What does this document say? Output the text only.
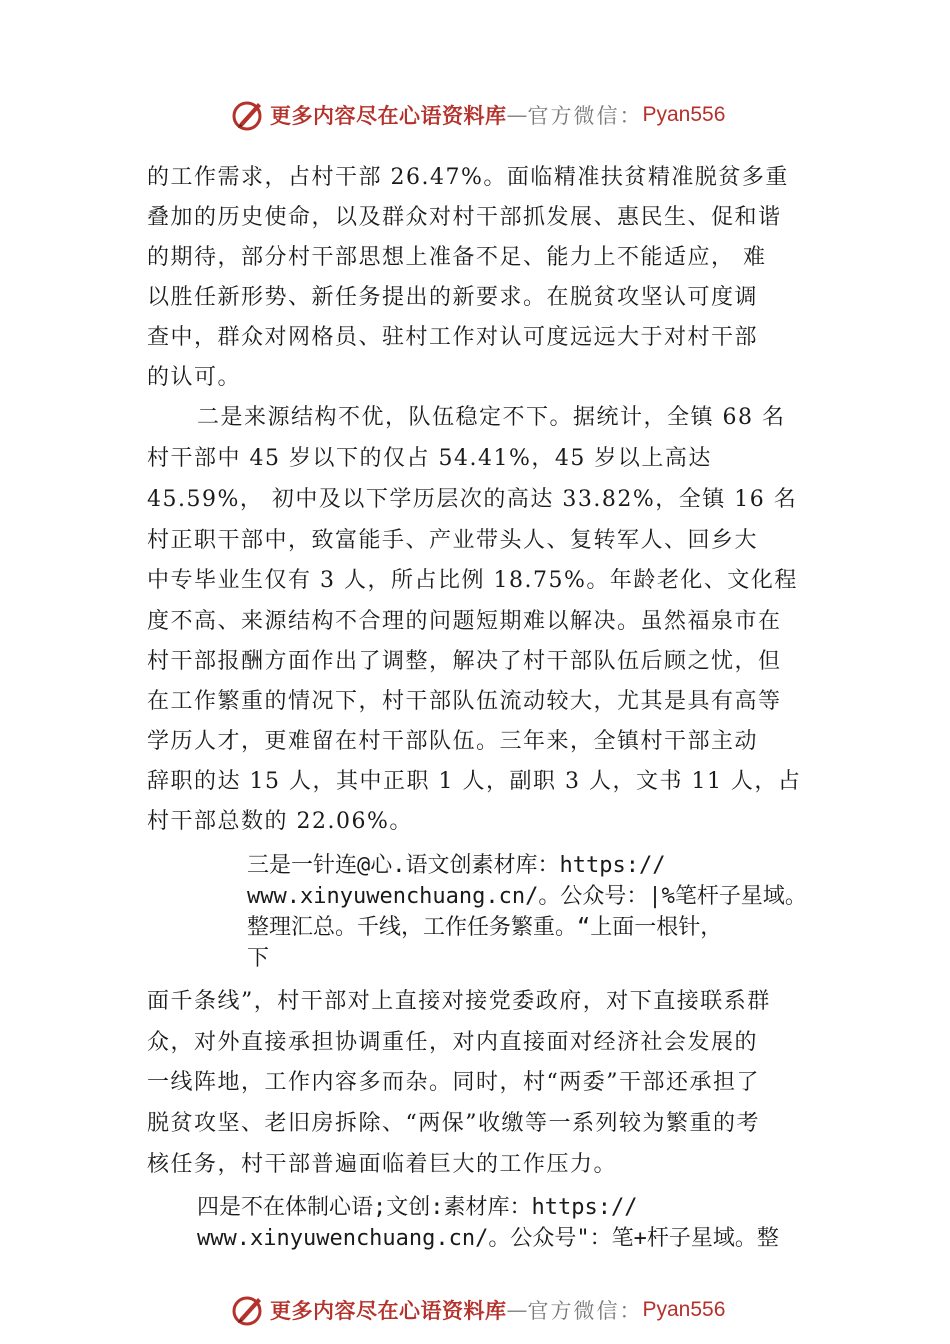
更多内容尽在心语资料库 — 官方微信： Pyan556
的工作需求，占村干部 26.47%。面临精准扶贫精准脱贫多重
叠加的历史使命，以及群众对村干部抓发展、惠民生、促和谐
的期待，部分村干部思想上准备不足、能力上不能适应， 难
以胜任新形势、新任务提出的新要求。在脱贫攻坚认可度调
查中，群众对网格员、驻村工作对认可度远远大于对村干部
的认可。
二是来源结构不优，队伍稳定不下。据统计，全镇 68 名
村干部中 45 岁以下的仅占 54.41%，45 岁以上高达
45.59%， 初中及以下学历层次的高达 33.82%，全镇 16 名
村正职干部中，致富能手、产业带头人、复转军人、回乡大
中专毕业生仅有 3 人，所占比例 18.75%。年龄老化、文化程
度不高、来源结构不合理的问题短期难以解决。虽然福泉市在
村干部报酬方面作出了调整，解决了村干部队伍后顾之忧，但
在工作繁重的情况下，村干部队伍流动较大，尤其是具有高等
学历人才，更难留在村干部队伍。三年来，全镇村干部主动
辞职的达 15 人，其中正职 1 人，副职 3 人，文书 11 人，占
村干部总数的 22.06%。
三是一针连@心.语文创素材库：https://
www.xinyuwenchuang.cn/。公众号：|%笔杆子星域。
整理汇总。千线，工作任务繁重。“上面一根针，
下
面千条线”，村干部对上直接对接党委政府，对下直接联系群
众，对外直接承担协调重任，对内直接面对经济社会发展的
一线阵地，工作内容多而杂。同时，村“两委”干部还承担了
脱贫攻坚、老旧房拆除、“两保”收缴等一系列较为繁重的考
核任务，村干部普遍面临着巨大的工作压力。
四是不在体制心语;文创:素材库：https://
www.xinyuwenchuang.cn/。公众号"：笔+杆子星域。整
更多内容尽在心语资料库 — 官方微信： Pyan556
